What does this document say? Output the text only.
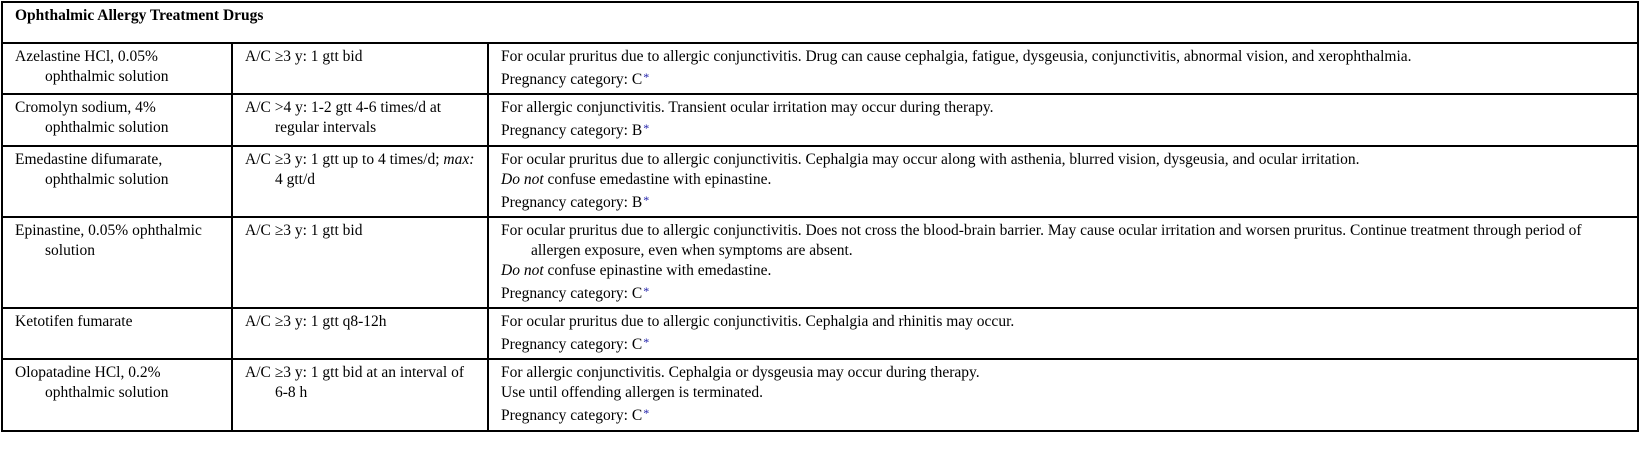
Ophthalmic Allergy Treatment Drugs		

Azelastine HCl, 0.05% ophthalmic solution	A/C ≥3 y: 1 gtt bid	For ocular pruritus due to allergic conjunctivitis. Drug can cause cephalgia, fatigue, dysgeusia, conjunctivitis, abnormal vision, and xerophthalmia.
Pregnancy category: C*

Cromolyn sodium, 4% ophthalmic solution	A/C >4 y: 1-2 gtt 4-6 times/d at regular intervals	For allergic conjunctivitis. Transient ocular irritation may occur during therapy.
Pregnancy category: B*

Emedastine difumarate, ophthalmic solution	A/C ≥3 y: 1 gtt up to 4 times/d; max: 4 gtt/d	For ocular pruritus due to allergic conjunctivitis. Cephalgia may occur along with asthenia, blurred vision, dysgeusia, and ocular irritation.
Do not confuse emedastine with epinastine.
Pregnancy category: B*

Epinastine, 0.05% ophthalmic solution	A/C ≥3 y: 1 gtt bid	For ocular pruritus due to allergic conjunctivitis. Does not cross the blood-brain barrier. May cause ocular irritation and worsen pruritus. Continue treatment through period of allergen exposure, even when symptoms are absent.
Do not confuse epinastine with emedastine.
Pregnancy category: C*

Ketotifen fumarate	A/C ≥3 y: 1 gtt q8-12h	For ocular pruritus due to allergic conjunctivitis. Cephalgia and rhinitis may occur.
Pregnancy category: C*

Olopatadine HCl, 0.2% ophthalmic solution	A/C ≥3 y: 1 gtt bid at an interval of 6-8 h	For allergic conjunctivitis. Cephalgia or dysgeusia may occur during therapy.
Use until offending allergen is terminated.
Pregnancy category: C*
